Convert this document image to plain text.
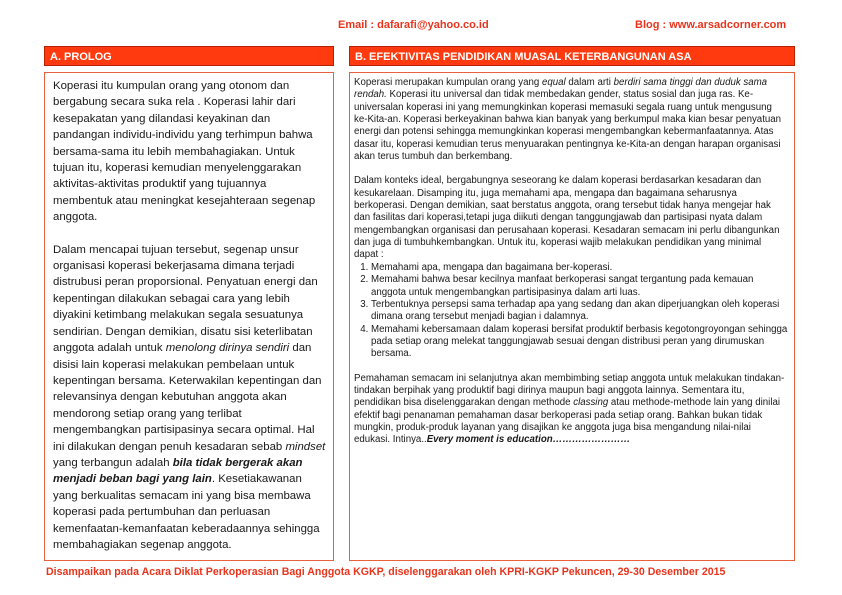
Email : dafarafi@yahoo.co.id	Blog : www.arsadcorner.com
A. PROLOG	B. EFEKTIVITAS PENDIDIKAN MUASAL KETERBANGUNAN ASA

Koperasi itu kumpulan orang yang otonom dan bergabung secara suka rela . Koperasi lahir dari kesepakatan yang dilandasi keyakinan dan pandangan individu-individu yang terhimpun bahwa bersama-sama itu lebih membahagiakan. Untuk tujuan itu, koperasi kemudian menyelenggarakan aktivitas-aktivitas produktif yang tujuannya membentuk atau meningkat kesejahteraan segenap anggota.

Dalam mencapai tujuan tersebut, segenap unsur organisasi koperasi bekerjasama dimana terjadi distrubusi peran proporsional. Penyatuan energi dan kepentingan dilakukan sebagai cara yang lebih diyakini ketimbang melakukan segala sesuatunya sendirian. Dengan demikian, disatu sisi keterlibatan anggota adalah untuk menolong dirinya sendiri dan disisi lain koperasi melakukan pembelaan untuk kepentingan bersama. Keterwakilan kepentingan dan relevansinya dengan kebutuhan anggota akan mendorong setiap orang yang terlibat mengembangkan partisipasinya secara optimal. Hal ini dilakukan dengan penuh kesadaran sebab mindset yang terbangun adalah bila tidak bergerak akan menjadi beban bagi yang lain. Kesetiakawanan yang berkualitas semacam ini yang bisa membawa koperasi pada pertumbuhan dan perluasan kemenfaatan-kemanfaatan keberadaannya sehingga membahagiakan segenap anggota.

Koperasi merupakan kumpulan orang yang equal dalam arti berdiri sama tinggi dan duduk sama rendah. Koperasi itu universal dan tidak membedakan gender, status sosial dan juga ras. Ke-universalan koperasi ini yang memungkinkan koperasi memasuki segala ruang untuk mengusung ke-Kita-an. Koperasi berkeyakinan bahwa kian banyak yang berkumpul maka kian besar penyatuan energi dan potensi sehingga memungkinkan koperasi mengembangkan kebermanfaatannya. Atas dasar itu, koperasi kemudian terus menyuarakan pentingnya ke-Kita-an dengan harapan organisasi akan terus tumbuh dan berkembang.

Dalam konteks ideal, bergabungnya seseorang ke dalam koperasi berdasarkan kesadaran dan kesukarelaan. Disamping itu, juga memahami apa, mengapa dan bagaimana seharusnya berkoperasi. Dengan demikian, saat berstatus anggota, orang tersebut tidak hanya mengejar hak dan fasilitas dari koperasi,tetapi juga diikuti dengan tanggungjawab dan partisipasi nyata dalam mengembangkan organisasi dan perusahaan koperasi. Kesadaran semacam ini perlu dibangunkan dan juga di tumbuhkembangkan. Untuk itu, koperasi wajib melakukan pendidikan yang minimal dapat :

1. Memahami apa, mengapa dan bagaimana ber-koperasi.
2. Memahami bahwa besar kecilnya manfaat berkoperasi sangat tergantung pada kemauan anggota untuk mengembangkan partisipasinya dalam arti luas.
3. Terbentuknya persepsi sama terhadap apa yang sedang dan akan diperjuangkan oleh koperasi dimana orang tersebut menjadi bagian i dalamnya.
4. Memahami kebersamaan dalam koperasi bersifat produktif berbasis kegotongroyongan sehingga pada setiap orang melekat tanggungjawab sesuai dengan distribusi peran yang dirumuskan bersama.

Pemahaman semacam ini selanjutnya akan membimbing setiap anggota untuk melakukan tindakan-tindakan berpihak yang produktif bagi dirinya maupun bagi anggota lainnya. Sementara itu, pendidikan bisa diselenggarakan dengan methode classing atau methode-methode lain yang dinilai efektif bagi penanaman pemahaman dasar berkoperasi pada setiap orang. Bahkan bukan tidak mungkin, produk-produk layanan yang disajikan ke anggota juga bisa mengandung nilai-nilai edukasi. Intinya..Every moment is education……………………

Disampaikan pada Acara Diklat Perkoperasian Bagi Anggota KGKP, diselenggarakan oleh KPRI-KGKP Pekuncen, 29-30 Desember 2015
